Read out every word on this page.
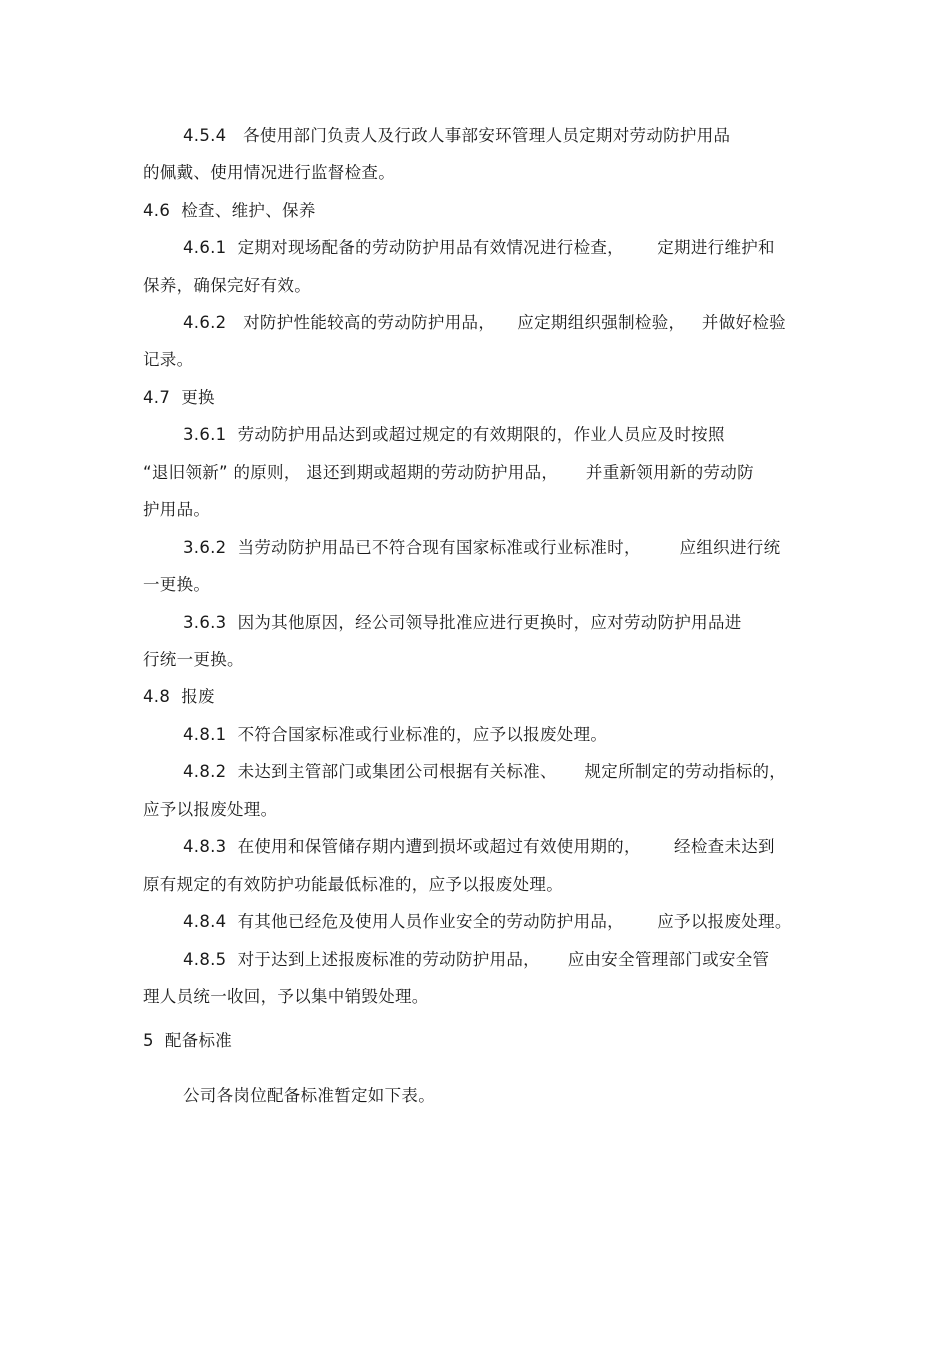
4.5.4   各使用部门负责人及行政人事部安环管理人员定期对劳动防护用品
的佩戴、使用情况进行监督检查。
4.6  检查、维护、保养
4.6.1  定期对现场配备的劳动防护用品有效情况进行检查，      定期进行维护和
保养，确保完好有效。
4.6.2   对防护性能较高的劳动防护用品，    应定期组织强制检验，   并做好检验
记录。
4.7  更换
3.6.1  劳动防护用品达到或超过规定的有效期限的，作业人员应及时按照
“退旧领新” 的原则， 退还到期或超期的劳动防护用品，     并重新领用新的劳动防
护用品。
3.6.2  当劳动防护用品已不符合现有国家标准或行业标准时，       应组织进行统
一更换。
3.6.3  因为其他原因，经公司领导批准应进行更换时，应对劳动防护用品进
行统一更换。
4.8  报废
4.8.1  不符合国家标准或行业标准的，应予以报废处理。
4.8.2  未达到主管部门或集团公司根据有关标准、     规定所制定的劳动指标的，
应予以报废处理。
4.8.3  在使用和保管储存期内遭到损坏或超过有效使用期的，      经检查未达到
原有规定的有效防护功能最低标准的，应予以报废处理。
4.8.4  有其他已经危及使用人员作业安全的劳动防护用品，      应予以报废处理。
4.8.5  对于达到上述报废标准的劳动防护用品，     应由安全管理部门或安全管
理人员统一收回，予以集中销毁处理。
5  配备标准
公司各岗位配备标准暂定如下表。
